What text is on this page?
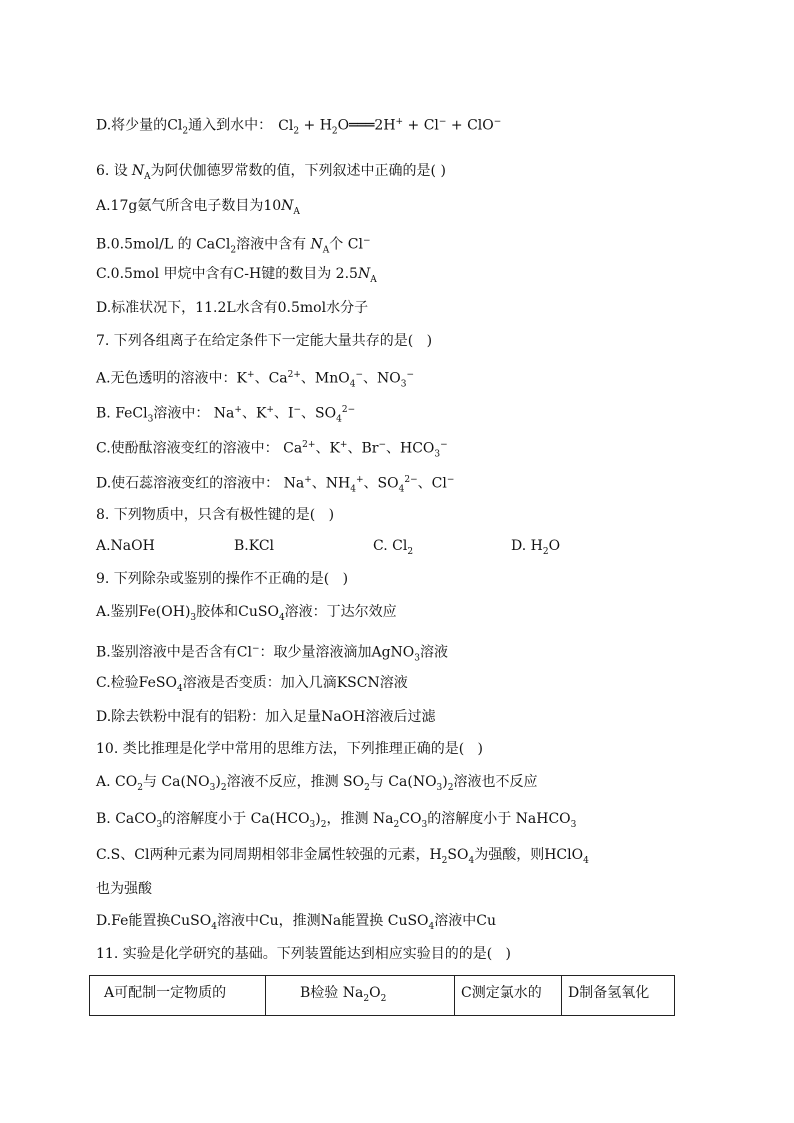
D.将少量的$Cl_2$通入到水中： $Cl_2$ + $H_2O═══2H^+ + Cl^- + ClO^-$
6. 设 $N_A$为阿伏伽德罗常数的值，下列叙述中正确的是( )
A.17g氨气所含电子数目为$10N_A$
B.0.5mol/L 的 CaCl$_2$溶液中含有 $N_A$个 Cl−
C.0.5mol 甲烷中含有C-H键的数目为 $2.5N_A$
D.标准状况下，11.2L水含有0.5mol水分子
7. 下列各组离子在给定条件下一定能大量共存的是(   )
A.无色透明的溶液中：K+、$Ca^{2+}$、MnO$_4$−、$NO_3^-$
B. FeCl$_3$溶液中： Na+、K+、I−、$SO_4^{2-}$
C.使酚酞溶液变红的溶液中： $Ca^{2+}$、K+、Br−、$HCO_3^-$
D.使石蕊溶液变红的溶液中： Na+、$NH_4^+$、$SO_4^{2-}$、Cl−
8. 下列物质中，只含有极性键的是(   )
A.NaOH	B.KCl	C. $Cl_2$	D. $H_2O$
9. 下列除杂或鉴别的操作不正确的是(   )
A.鉴别$Fe(OH)_3$胶体和CuSO$_4$溶液：丁达尔效应
B.鉴别溶液中是否含有Cl−：取少量溶液滴加AgNO$_3$溶液
C.检验FeSO$_4$溶液是否变质：加入几滴KSCN溶液
D.除去铁粉中混有的铝粉：加入足量NaOH溶液后过滤
10. 类比推理是化学中常用的思维方法，下列推理正确的是(   )
A. $CO_2$与 $Ca(NO_3)_2$溶液不反应，推测 $SO_2$与 $Ca(NO_3)_2$溶液也不反应
B. CaCO$_3$的溶解度小于 $Ca(HCO_3)_2$，推测 $Na_2CO_3$的溶解度小于 NaHCO$_3$
C.S、Cl两种元素为同周期相邻非金属性较强的元素，$H_2SO_4$为强酸，则HClO$_4$
也为强酸
D.Fe能置换CuSO$_4$溶液中Cu，推测Na能置换 CuSO$_4$溶液中Cu
11. 实验是化学研究的基础。下列装置能达到相应实验目的的是(   )
A可配制一定物质的	B检验 $Na_2O_2$	C测定氯水的	D制备氢氧化
